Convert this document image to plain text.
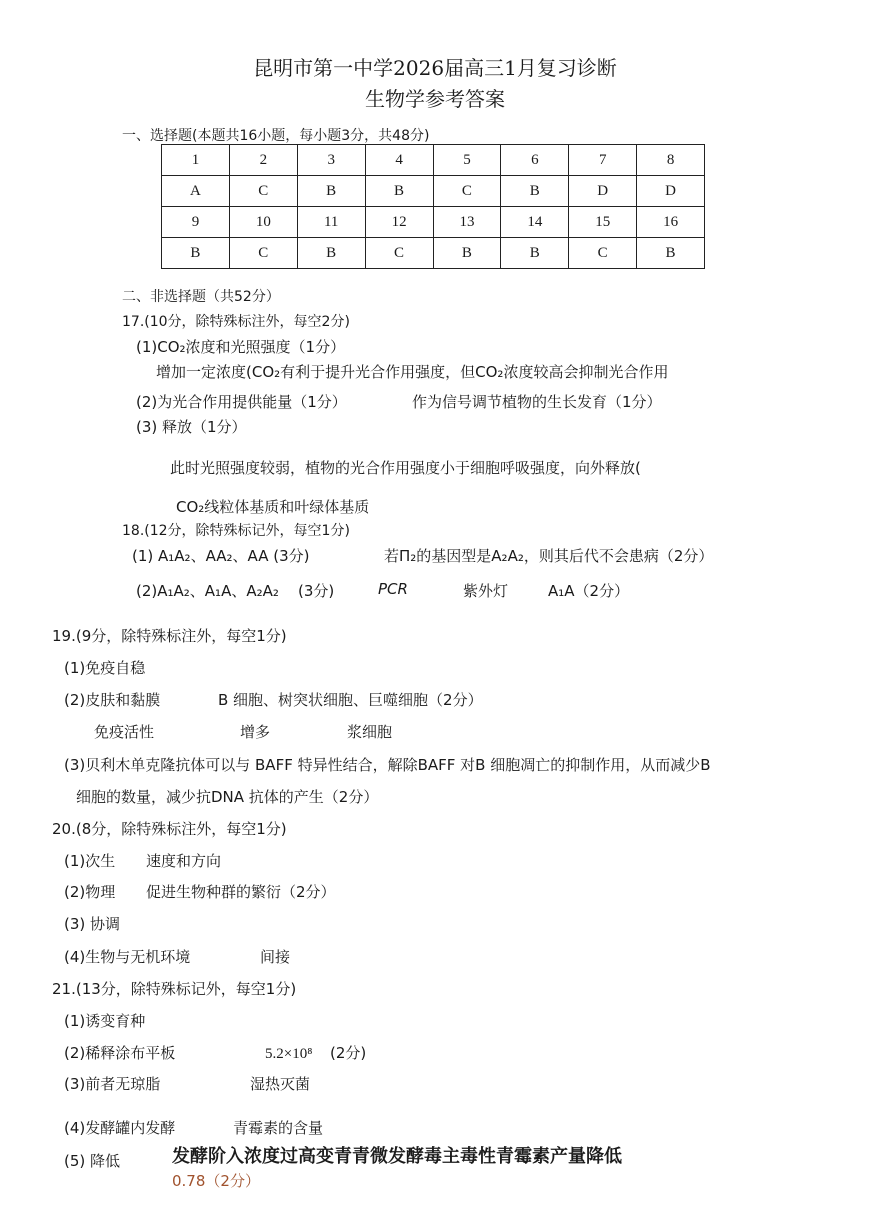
昆明市第一中学2026届高三1月复习诊断
生物学参考答案
一、选择题(本题共16小题，每小题3分，共48分)
1	2	3	4	5	6	7	8
A	C	B	B	C	B	D	D
9	10	11	12	13	14	15	16
B	C	B	C	B	B	C	B
二、非选择题（共52分）
17.(10分，除特殊标注外，每空2分)
(1)CO₂浓度和光照强度（1分）
增加一定浓度(CO₂有利于提升光合作用强度，但CO₂浓度较高会抑制光合作用
(2)为光合作用提供能量（1分）	作为信号调节植物的生长发育（1分）
(3) 释放（1分）
此时光照强度较弱，植物的光合作用强度小于细胞呼吸强度，向外释放(
CO₂线粒体基质和叶绿体基质
18.(12分，除特殊标记外，每空1分)
(1) A₁A₂、AA₂、AA (3分)	若Π₂的基因型是A₂A₂，则其后代不会患病（2分）
(2)A₁A₂、A₁A、A₂A₂ (3分)	PCR	紫外灯	A₁A（2分）
19.(9分，除特殊标注外，每空1分)
(1)免疫自稳
(2)皮肤和黏膜	B 细胞、树突状细胞、巨噬细胞（2分）
免疫活性	增多	浆细胞
(3)贝利木单克隆抗体可以与 BAFF 特异性结合，解除BAFF 对B 细胞凋亡的抑制作用，从而减少B
细胞的数量，减少抗DNA 抗体的产生（2分）
20.(8分，除特殊标注外，每空1分)
(1)次生 速度和方向
(2)物理 促进生物种群的繁衍（2分）
(3) 协调
(4)生物与无机环境	间接
21.(13分，除特殊标记外，每空1分)
(1)诱变育种
(2)稀释涂布平板	5.2×10⁸ (2分)
(3)前者无琼脂	湿热灭菌
(4)发酵罐内发酵	青霉素的含量
(5) 降低	发酵阶入浓度过高变青青微发酵毒主毒性青霉素产量降低
0.78（2分）
